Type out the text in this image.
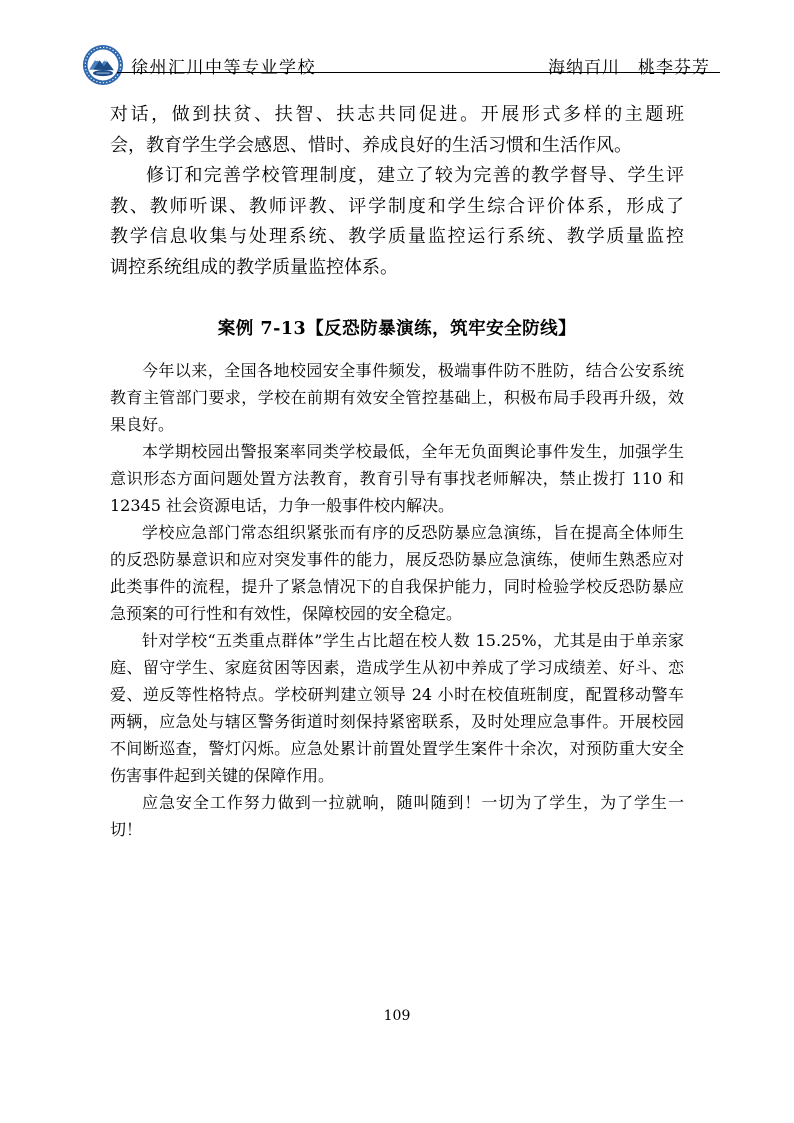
徐州汇川中等专业学校	海纳百川　桃李芬芳
对话，做到扶贫、扶智、扶志共同促进。开展形式多样的主题班
会，教育学生学会感恩、惜时、养成良好的生活习惯和生活作风。
修订和完善学校管理制度，建立了较为完善的教学督导、学生评
教、教师听课、教师评教、评学制度和学生综合评价体系，形成了
教学信息收集与处理系统、教学质量监控运行系统、教学质量监控
调控系统组成的教学质量监控体系。
案例 7-13【反恐防暴演练，筑牢安全防线】
今年以来，全国各地校园安全事件频发，极端事件防不胜防，结合公安系统
教育主管部门要求，学校在前期有效安全管控基础上，积极布局手段再升级，效
果良好。
本学期校园出警报案率同类学校最低，全年无负面舆论事件发生，加强学生
意识形态方面问题处置方法教育，教育引导有事找老师解决，禁止拨打 110 和
12345 社会资源电话，力争一般事件校内解决。
学校应急部门常态组织紧张而有序的反恐防暴应急演练，旨在提高全体师生
的反恐防暴意识和应对突发事件的能力，展反恐防暴应急演练，使师生熟悉应对
此类事件的流程，提升了紧急情况下的自我保护能力，同时检验学校反恐防暴应
急预案的可行性和有效性，保障校园的安全稳定。
针对学校“五类重点群体”学生占比超在校人数 15.25%，尤其是由于单亲家
庭、留守学生、家庭贫困等因素，造成学生从初中养成了学习成绩差、好斗、恋
爱、逆反等性格特点。学校研判建立领导 24 小时在校值班制度，配置移动警车
两辆，应急处与辖区警务街道时刻保持紧密联系，及时处理应急事件。开展校园
不间断巡查，警灯闪烁。应急处累计前置处置学生案件十余次，对预防重大安全
伤害事件起到关键的保障作用。
应急安全工作努力做到一拉就响，随叫随到！一切为了学生，为了学生一切！
109
